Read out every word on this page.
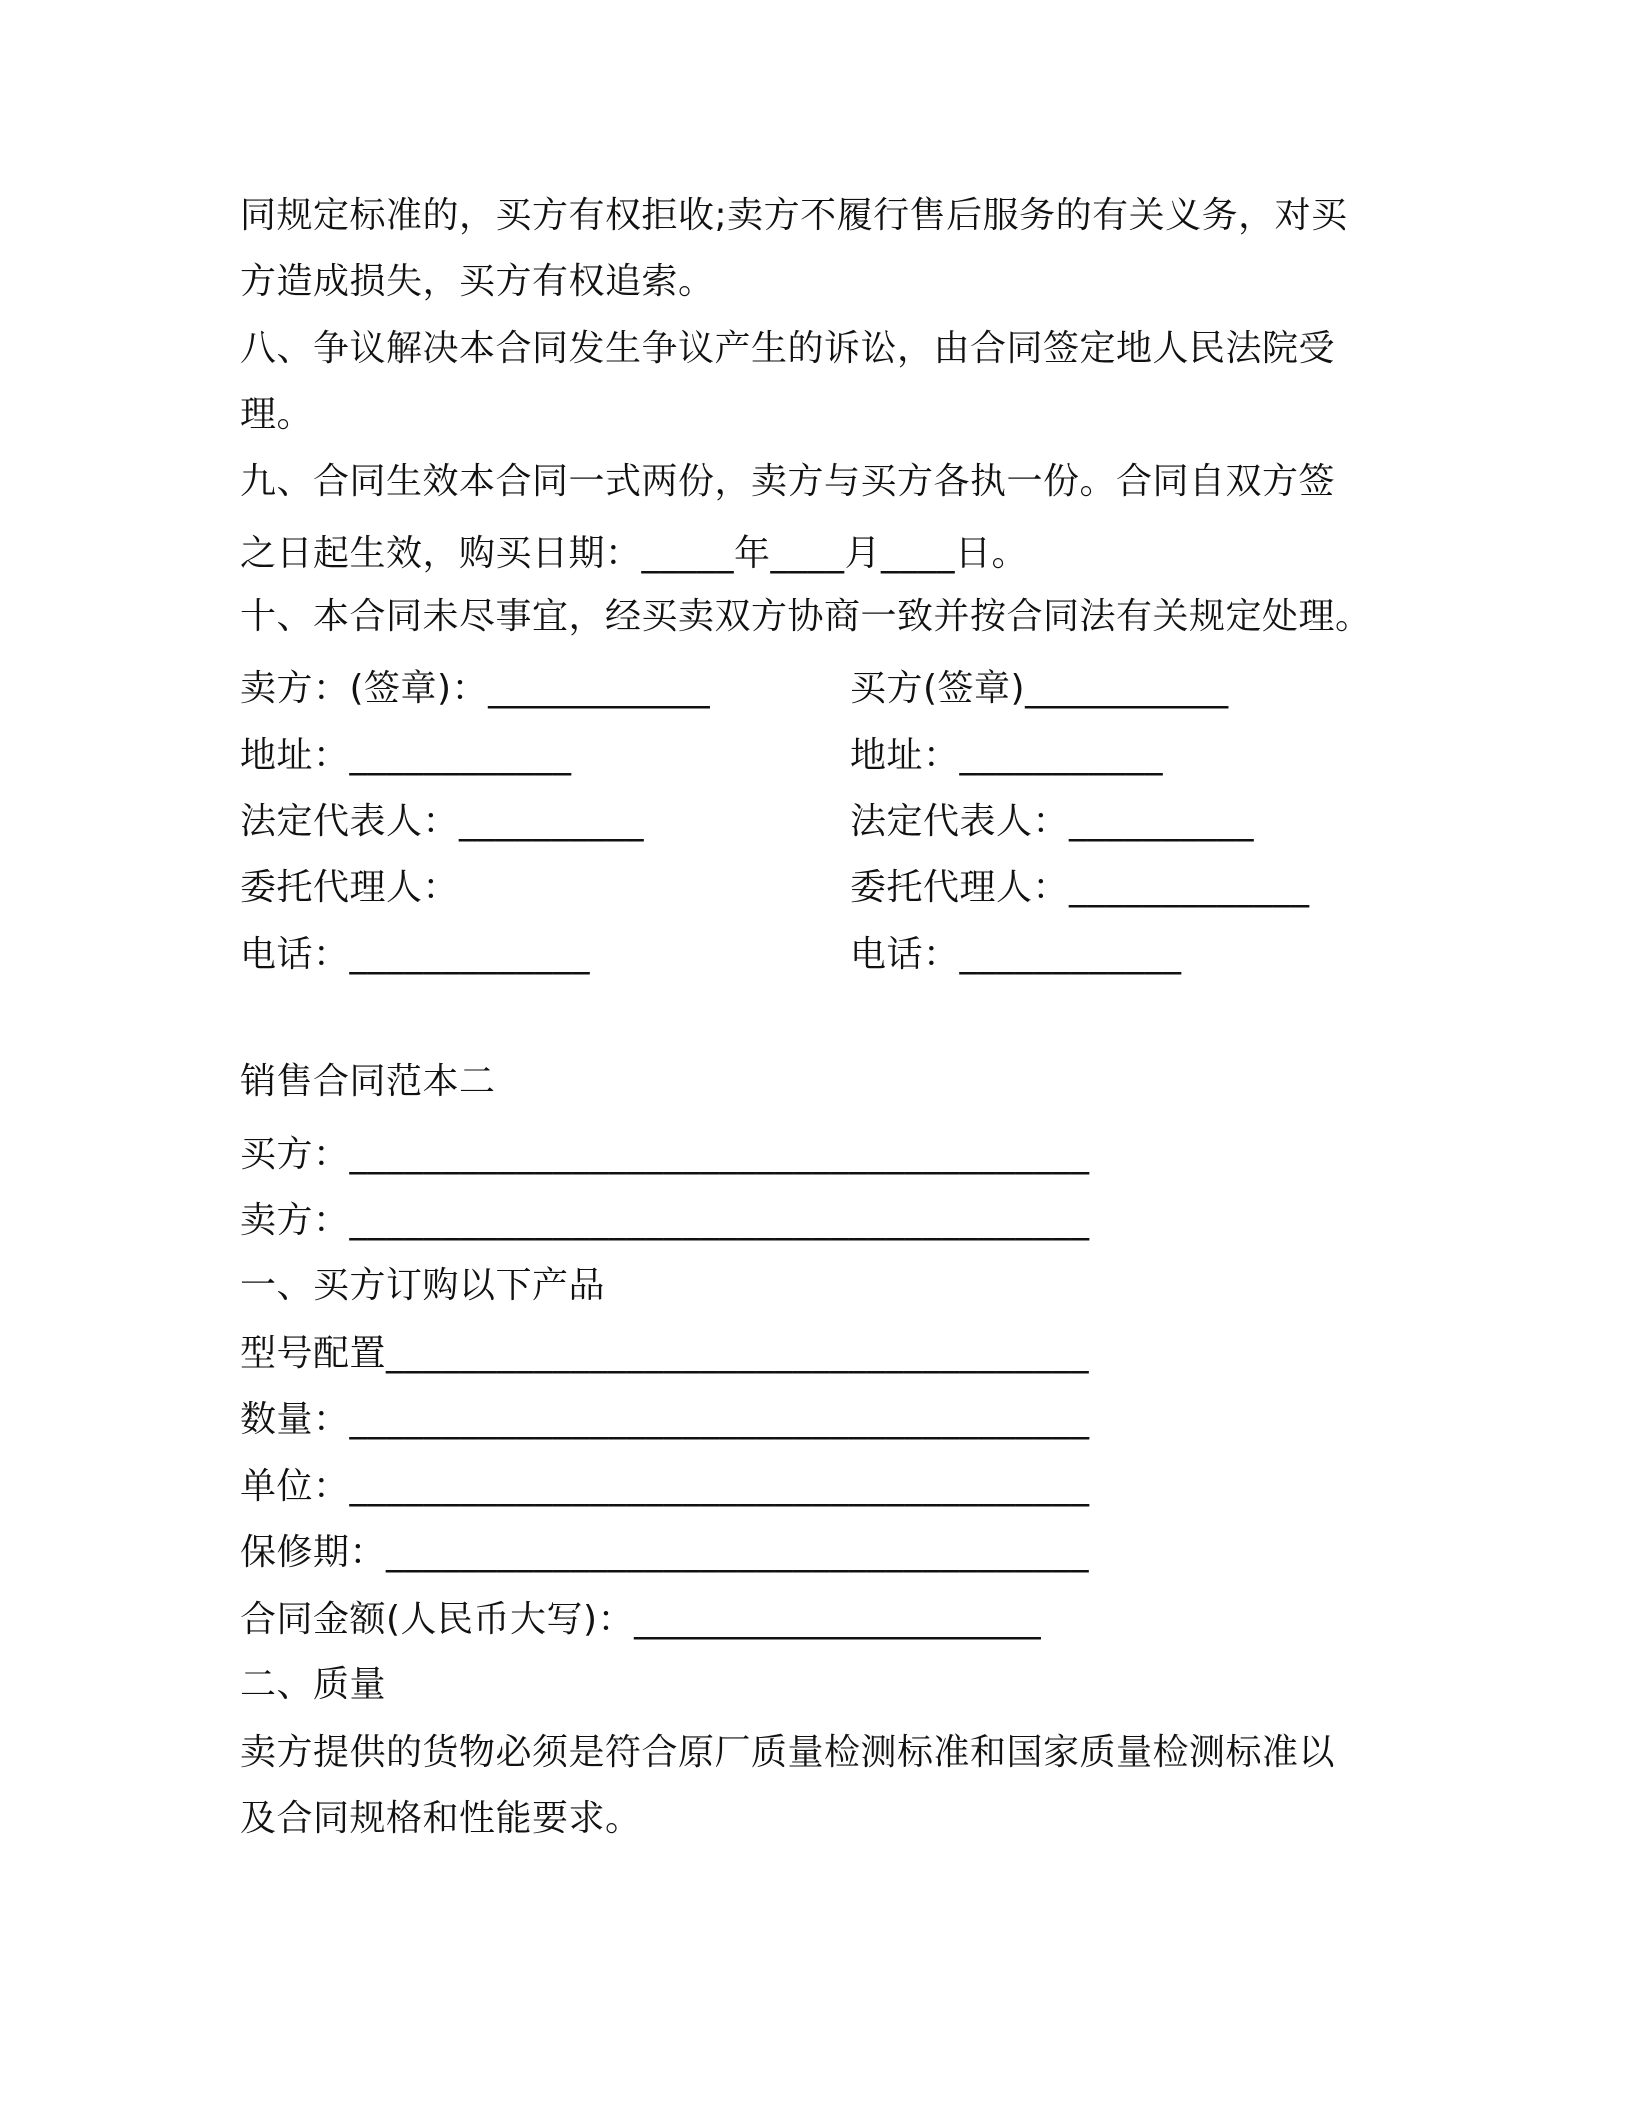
同规定标准的，买方有权拒收;卖方不履行售后服务的有关义务，对买
方造成损失，买方有权追索。
八、争议解决本合同发生争议产生的诉讼，由合同签定地人民法院受
理。
九、合同生效本合同一式两份，卖方与买方各执一份。合同自双方签
之日起生效，购买日期：_____年____月____日。
十、本合同未尽事宜，经买卖双方协商一致并按合同法有关规定处理。
卖方：(签章)：____________
地址：____________
法定代表人：__________
委托代理人：
电话：_____________
买方(签章)___________
地址：___________
法定代表人：__________
委托代理人：_____________
电话：____________
销售合同范本二
买方：________________________________________
卖方：________________________________________
一、买方订购以下产品
型号配置______________________________________
数量：________________________________________
单位：________________________________________
保修期：______________________________________
合同金额(人民币大写)：______________________
二、质量
卖方提供的货物必须是符合原厂质量检测标准和国家质量检测标准以
及合同规格和性能要求。
